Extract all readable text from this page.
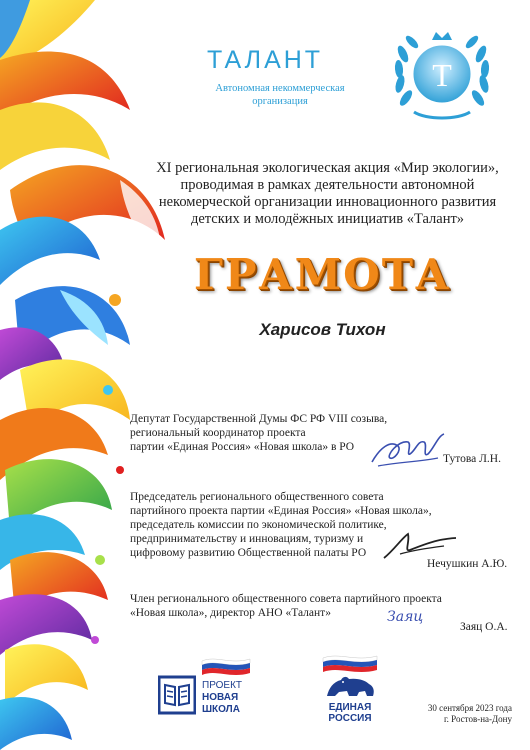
ТАЛАНТ
Автономная некоммерческая
организация
Т
XI региональная экологическая акция «Мир экологии»,
проводимая в рамках деятельности автономной
некомерческой организации инновационного развития
детских и молодёжных инициатив «Талант»
ГРАМОТА
Харисов Тихон
Депутат Государственной Думы ФС РФ VIII созыва,
региональный координатор проекта
партии «Единая Россия» «Новая школа» в РО
Тутова Л.Н.
Председатель регионального общественного совета
партийного проекта партии «Единая Россия» «Новая школа»,
председатель комиссии по экономической политике,
предпринимательству и инновациям, туризму и
цифровому развитию Общественной палаты РО
Нечушкин А.Ю.
Член регионального общественного совета партийного проекта
«Новая школа», директор АНО «Талант»	Заяц
Заяц О.А.
ПРОЕКТ
НОВАЯ
ШКОЛА	ЕДИНАЯ
РОССИЯ
30 сентября 2023 года
г. Ростов-на-Дону
